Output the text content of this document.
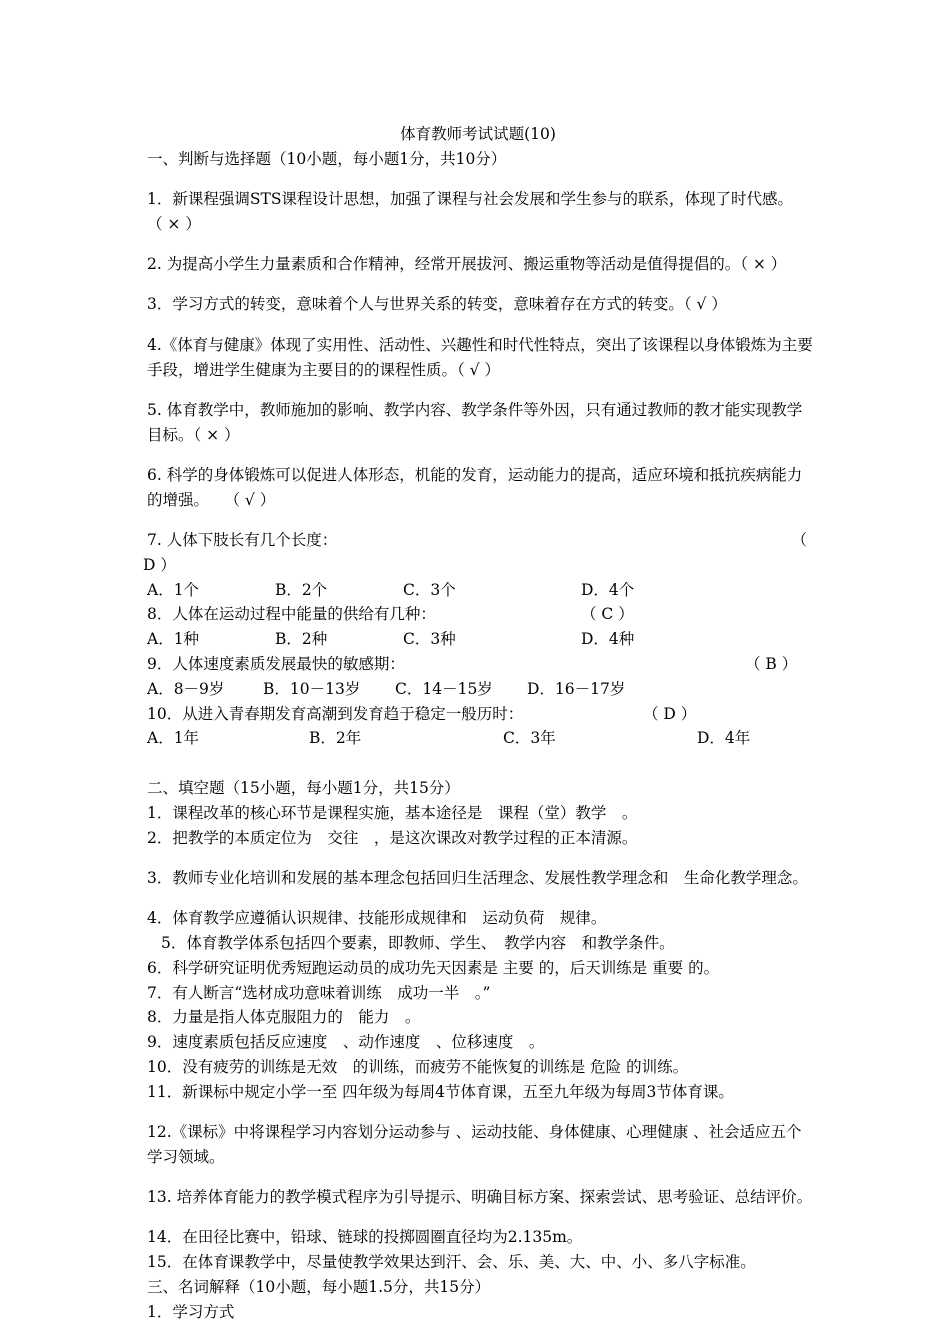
体育教师考试试题(10)

一、判断与选择题（10小题，每小题1分，共10分）

1．新课程强调STS课程设计思想，加强了课程与社会发展和学生参与的联系，体现了时代感。　　　（ × ）

2. 为提高小学生力量素质和合作精神，经常开展拔河、搬运重物等活动是值得提倡的。（ × ）

3．学习方式的转变，意味着个人与世界关系的转变，意味着存在方式的转变。（ √ ）

4.《体育与健康》体现了实用性、活动性、兴趣性和时代性特点，突出了该课程以身体锻炼为主要手段，增进学生健康为主要目的的课程性质。（ √ ）

5. 体育教学中，教师施加的影响、教学内容、教学条件等外因，只有通过教师的教才能实现教学目标。（ × ）

6. 科学的身体锻炼可以促进人体形态，机能的发育，运动能力的提高，适应环境和抵抗疾病能力的增强。　　（ √ ）

7. 人体下肢长有几个长度：	（

D ）

A．1个	B．2个	C．3个	D．4个

8．人体在运动过程中能量的供给有几种：	（ C ）

A．1种	B．2种	C．3种	D．4种

9．人体速度素质发展最快的敏感期：	（ B ）

A．8－9岁	B．10－13岁	C．14－15岁	D．16－17岁

10．从进入青春期发育高潮到发育趋于稳定一般历时：	（ D ）

A．1年	B．2年	C．3年	D．4年

二、填空题（15小题，每小题1分，共15分）

1．课程改革的核心环节是课程实施，基本途径是　课程（堂）教学　。

2．把教学的本质定位为　交往　，是这次课改对教学过程的正本清源。

3．教师专业化培训和发展的基本理念包括回归生活理念、发展性教学理念和　生命化教学理念。

4．体育教学应遵循认识规律、技能形成规律和　运动负荷　规律。

5．体育教学体系包括四个要素，即教师、学生、　教学内容　和教学条件。

6．科学研究证明优秀短跑运动员的成功先天因素是 主要 的，后天训练是 重要 的。

7．有人断言“选材成功意味着训练　成功一半　。”

8．力量是指人体克服阻力的　能力　。

9．速度素质包括反应速度　、动作速度　、位移速度　。

10．没有疲劳的训练是无效　的训练，而疲劳不能恢复的训练是 危险 的训练。

11．新课标中规定小学一至 四年级为每周4节体育课，五至九年级为每周3节体育课。

12.《课标》中将课程学习内容划分运动参与 、运动技能、身体健康、心理健康 、社会适应五个学习领域。

13. 培养体育能力的教学模式程序为引导提示、明确目标方案、探索尝试、思考验证、总结评价。

14．在田径比赛中，铅球、链球的投掷圆圈直径均为2.135m。

15．在体育课教学中，尽量使教学效果达到汗、会、乐、美、大、中、小、多八字标准。

三、名词解释（10小题，每小题1.5分，共15分）

1．学习方式
